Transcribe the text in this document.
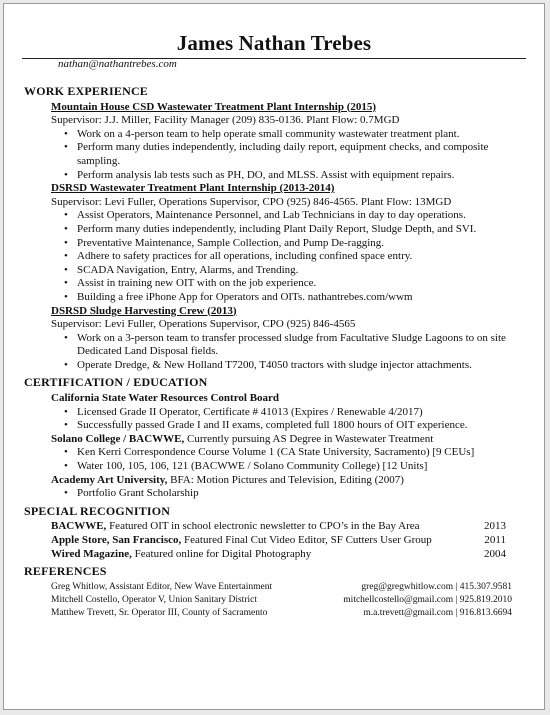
James Nathan Trebes
nathan@nathantrebes.com
WORK EXPERIENCE
Mountain House CSD Wastewater Treatment Plant Internship (2015)
Supervisor: J.J. Miller, Facility Manager (209) 835-0136. Plant Flow: 0.7MGD
• Work on a 4-person team to help operate small community wastewater treatment plant.
• Perform many duties independently, including daily report, equipment checks, and composite sampling.
• Perform analysis lab tests such as PH, DO, and MLSS. Assist with equipment repairs.
DSRSD Wastewater Treatment Plant Internship (2013-2014)
Supervisor: Levi Fuller, Operations Supervisor, CPO (925) 846-4565. Plant Flow: 13MGD
• Assist Operators, Maintenance Personnel, and Lab Technicians in day to day operations.
• Perform many duties independently, including Plant Daily Report, Sludge Depth, and SVI.
• Preventative Maintenance, Sample Collection, and Pump De-ragging.
• Adhere to safety practices for all operations, including confined space entry.
• SCADA Navigation, Entry, Alarms, and Trending.
• Assist in training new OIT with on the job experience.
• Building a free iPhone App for Operators and OITs. nathantrebes.com/wwm
DSRSD Sludge Harvesting Crew (2013)
Supervisor: Levi Fuller, Operations Supervisor, CPO (925) 846-4565
• Work on a 3-person team to transfer processed sludge from Facultative Sludge Lagoons to on site Dedicated Land Disposal fields.
• Operate Dredge, & New Holland T7200, T4050 tractors with sludge injector attachments.
CERTIFICATION / EDUCATION
California State Water Resources Control Board
• Licensed Grade II Operator, Certificate # 41013 (Expires / Renewable 4/2017)
• Successfully passed Grade I and II exams, completed full 1800 hours of OIT experience.
Solano College / BACWWE, Currently pursuing AS Degree in Wastewater Treatment
• Ken Kerri Correspondence Course Volume 1 (CA State University, Sacramento) [9 CEUs]
• Water 100, 105, 106, 121 (BACWWE / Solano Community College) [12 Units]
Academy Art University, BFA: Motion Pictures and Television, Editing (2007)
• Portfolio Grant Scholarship
SPECIAL RECOGNITION
BACWWE, Featured OIT in school electronic newsletter to CPO’s in the Bay Area	2013
Apple Store, San Francisco, Featured Final Cut Video Editor, SF Cutters User Group	2011
Wired Magazine, Featured online for Digital Photography	2004
REFERENCES
Greg Whitlow, Assistant Editor, New Wave Entertainment	greg@gregwhitlow.com | 415.307.9581
Mitchell Costello, Operator V, Union Sanitary District	mitchellcostello@gmail.com | 925.819.2010
Matthew Trevett, Sr. Operator III, County of Sacramento	m.a.trevett@gmail.com | 916.813.6694
